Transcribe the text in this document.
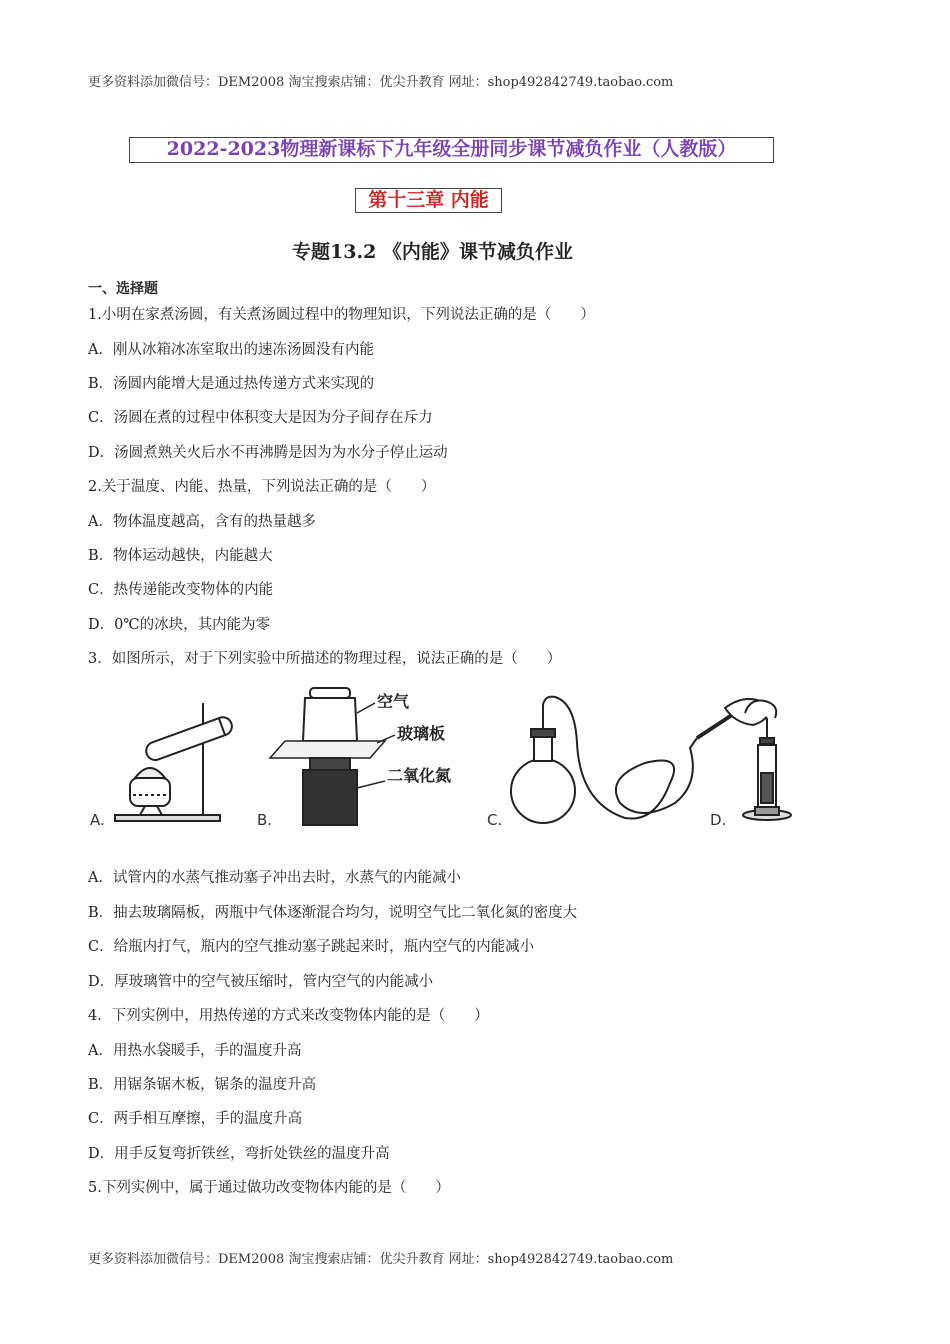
更多资料添加微信号：DEM2008 淘宝搜索店铺：优尖升教育 网址：shop492842749.taobao.com
2022-2023物理新课标下九年级全册同步课节减负作业（人教版）
第十三章 内能
专题13.2 《内能》课节减负作业
一、选择题
1.小明在家煮汤圆，有关煮汤圆过程中的物理知识，下列说法正确的是（　　）
A．刚从冰箱冰冻室取出的速冻汤圆没有内能
B．汤圆内能增大是通过热传递方式来实现的
C．汤圆在煮的过程中体积变大是因为分子间存在斥力
D．汤圆煮熟关火后水不再沸腾是因为为水分子停止运动
2.关于温度、内能、热量，下列说法正确的是（　　）
A．物体温度越高，含有的热量越多
B．物体运动越快，内能越大
C．热传递能改变物体的内能
D．0℃的冰块，其内能为零
3．如图所示，对于下列实验中所描述的物理过程，说法正确的是（　　）
A.
空气
玻璃板
二氧化氮
B.	C.	D.
A．试管内的水蒸气推动塞子冲出去时，水蒸气的内能减小
B．抽去玻璃隔板，两瓶中气体逐渐混合均匀，说明空气比二氧化氮的密度大
C．给瓶内打气，瓶内的空气推动塞子跳起来时，瓶内空气的内能减小
D．厚玻璃管中的空气被压缩时，管内空气的内能减小
4．下列实例中，用热传递的方式来改变物体内能的是（　　）
A．用热水袋暖手，手的温度升高
B．用锯条锯木板，锯条的温度升高
C．两手相互摩擦，手的温度升高
D．用手反复弯折铁丝，弯折处铁丝的温度升高
5.下列实例中，属于通过做功改变物体内能的是（　　）
更多资料添加微信号：DEM2008 淘宝搜索店铺：优尖升教育 网址：shop492842749.taobao.com
